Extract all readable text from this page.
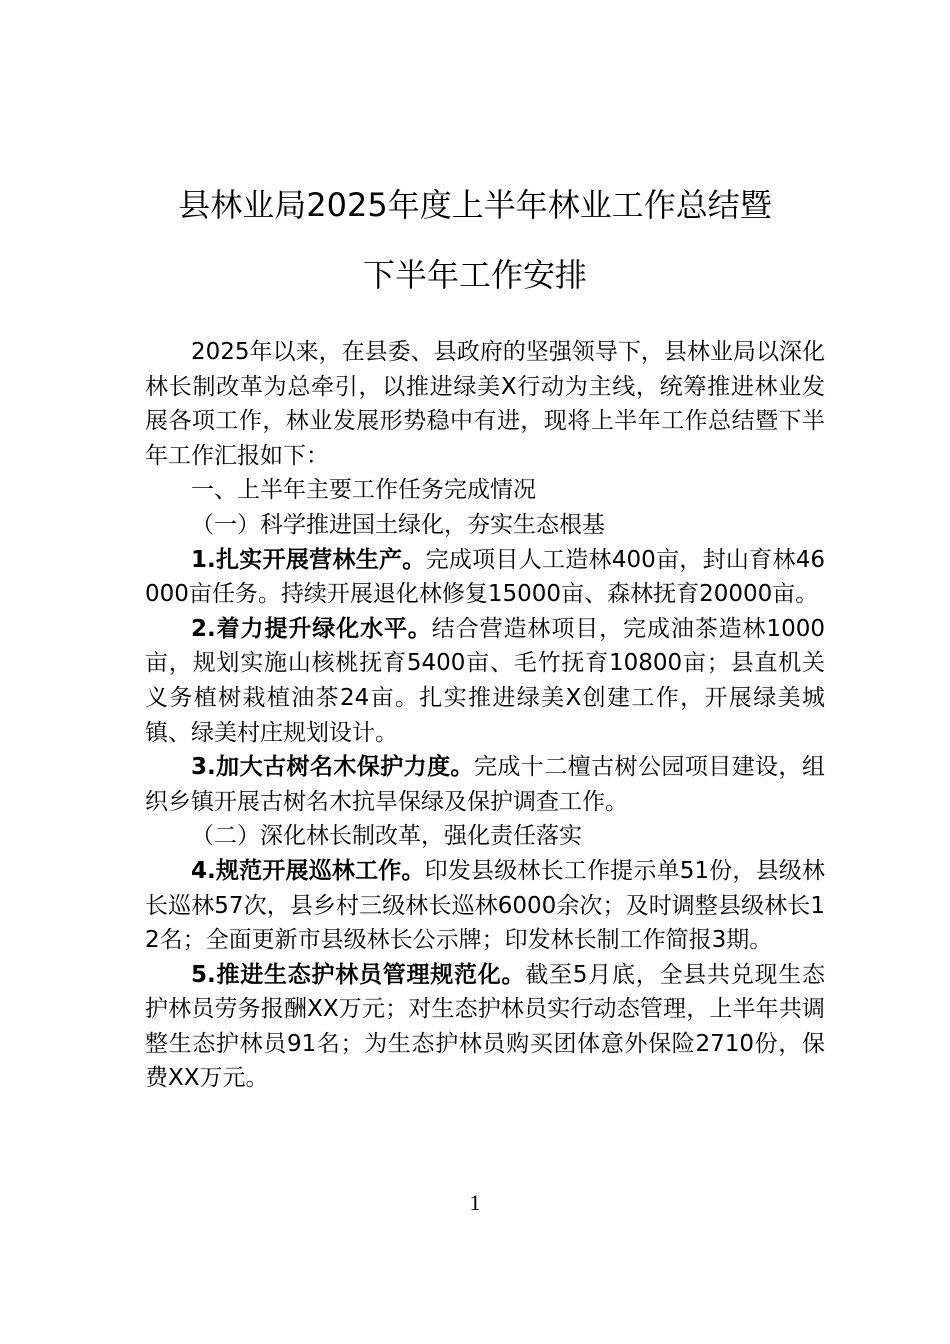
县林业局2025年度上半年林业工作总结暨
下半年工作安排

2025年以来，在县委、县政府的坚强领导下，县林业局以深化林长制改革为总牵引，以推进绿美X行动为主线，统筹推进林业发展各项工作，林业发展形势稳中有进，现将上半年工作总结暨下半年工作汇报如下：

一、上半年主要工作任务完成情况

（一）科学推进国土绿化，夯实生态根基

1.扎实开展营林生产。完成项目人工造林400亩，封山育林46000亩任务。持续开展退化林修复15000亩、森林抚育20000亩。

2.着力提升绿化水平。结合营造林项目，完成油茶造林1000亩，规划实施山核桃抚育5400亩、毛竹抚育10800亩；县直机关义务植树栽植油茶24亩。扎实推进绿美X创建工作，开展绿美城镇、绿美村庄规划设计。

3.加大古树名木保护力度。完成十二檀古树公园项目建设，组织乡镇开展古树名木抗旱保绿及保护调查工作。

（二）深化林长制改革，强化责任落实

4.规范开展巡林工作。印发县级林长工作提示单51份，县级林长巡林57次，县乡村三级林长巡林6000余次；及时调整县级林长12名；全面更新市县级林长公示牌；印发林长制工作简报3期。

5.推进生态护林员管理规范化。截至5月底，全县共兑现生态护林员劳务报酬XX万元；对生态护林员实行动态管理，上半年共调整生态护林员91名；为生态护林员购买团体意外保险2710份，保费XX万元。

1
